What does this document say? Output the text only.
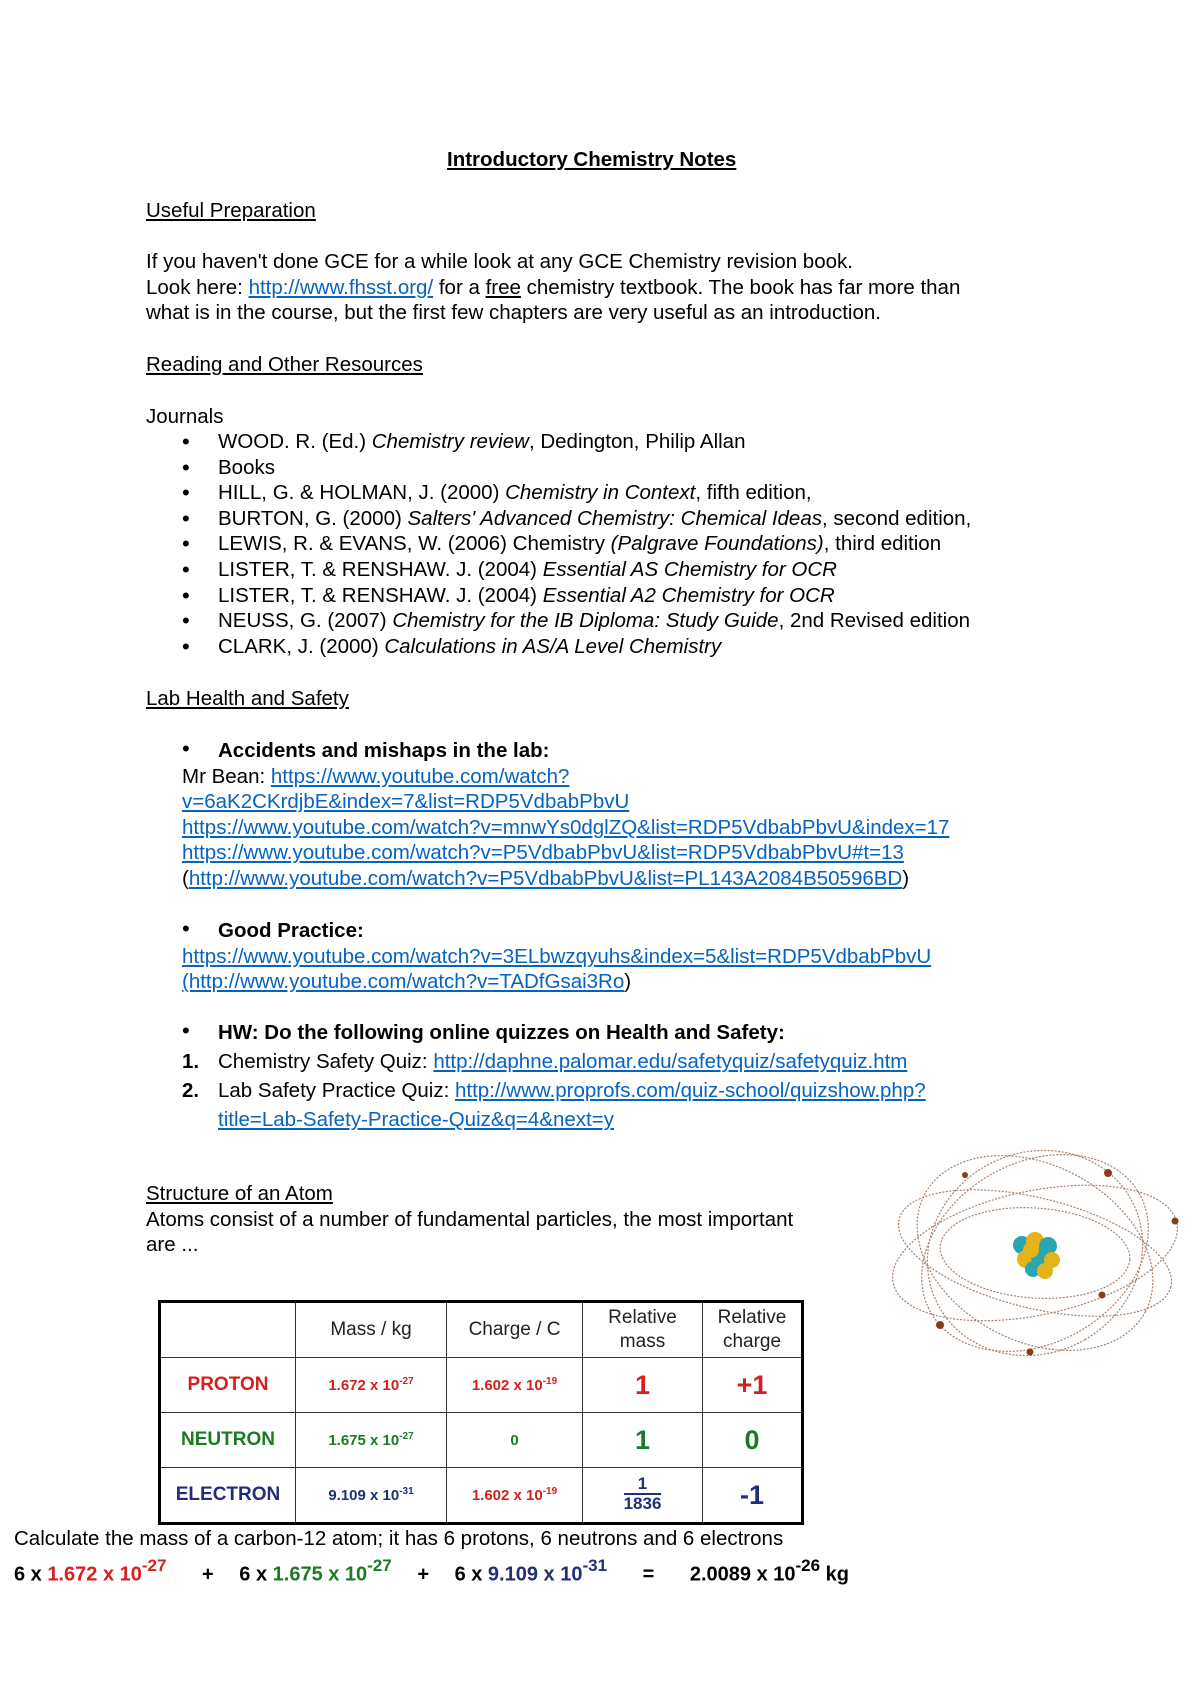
Introductory Chemistry Notes
Useful Preparation
If you haven't done GCE for a while look at any GCE Chemistry revision book.
Look here: http://www.fhsst.org/ for a free chemistry textbook. The book has far more than
what is in the course, but the first few chapters are very useful as an introduction.
Reading and Other Resources
Journals
• WOOD. R. (Ed.) Chemistry review, Dedington, Philip Allan
• Books
• HILL, G. & HOLMAN, J. (2000) Chemistry in Context, fifth edition,
• BURTON, G. (2000) Salters' Advanced Chemistry: Chemical Ideas, second edition,
• LEWIS, R. & EVANS, W. (2006) Chemistry (Palgrave Foundations), third edition
• LISTER, T. & RENSHAW. J. (2004) Essential AS Chemistry for OCR
• LISTER, T. & RENSHAW. J. (2004) Essential A2 Chemistry for OCR
• NEUSS, G. (2007) Chemistry for the IB Diploma: Study Guide, 2nd Revised edition
• CLARK, J. (2000) Calculations in AS/A Level Chemistry
Lab Health and Safety
• Accidents and mishaps in the lab:
Mr Bean: https://www.youtube.com/watch?
v=6aK2CKrdjbE&index=7&list=RDP5VdbabPbvU
https://www.youtube.com/watch?v=mnwYs0dglZQ&list=RDP5VdbabPbvU&index=17
https://www.youtube.com/watch?v=P5VdbabPbvU&list=RDP5VdbabPbvU#t=13
(http://www.youtube.com/watch?v=P5VdbabPbvU&list=PL143A2084B50596BD)
• Good Practice:
https://www.youtube.com/watch?v=3ELbwzqyuhs&index=5&list=RDP5VdbabPbvU
(http://www.youtube.com/watch?v=TADfGsai3Ro)
• HW: Do the following online quizzes on Health and Safety:
1. Chemistry Safety Quiz: http://daphne.palomar.edu/safetyquiz/safetyquiz.htm
2. Lab Safety Practice Quiz: http://www.proprofs.com/quiz-school/quizshow.php?
title=Lab-Safety-Practice-Quiz&q=4&next=y
Structure of an Atom
Atoms consist of a number of fundamental particles, the most important
are ...
	Mass / kg	Charge / C	Relative mass	Relative charge
PROTON	1.672 x $10^{-27}$	1.602 x $10^{-19}$	1	+1
NEUTRON	1.675 x $10^{-27}$	0	1	0
ELECTRON	9.109 x $10^{-31}$	1.602 x $10^{-19}$	$\frac{1}{1836}$	-1
Calculate the mass of a carbon-12 atom; it has 6 protons, 6 neutrons and 6 electrons
6 x 1.672 x $10^{-27} + 6$ x 1.675 x $10^{-27} + 6$ x 9.109 x $10^{-31} = 2.0089$ x $10^{-26}$ kg
